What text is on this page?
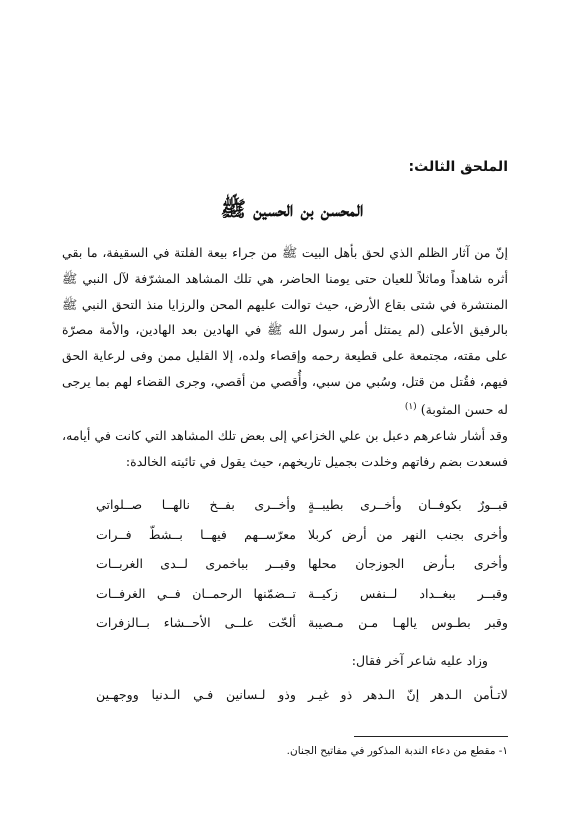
الملحق الثالث:
المحسن بن الحسين ﷺ

إنّ من آثار الظلم الذي لحق بأهل البيت ﷺ من جراء بيعة الفلتة في السقيفة، ما بقي أثره شاهداً وماثلاً للعيان حتى يومنا الحاضر، هي تلك المشاهد المشرّفة لآل النبي ﷺ المنتشرة في شتى بقاع الأرض، حيث توالت عليهم المحن والرزايا منذ التحق النبي ﷺ بالرفيق الأعلى (لم يمتثل أمر رسول الله ﷺ في الهادين بعد الهادين، والأمة مصرّة على مقته، مجتمعة على قطيعة رحمه وإقصاء ولده، إلا القليل ممن وفى لرعاية الحق فيهم، فقُتل من قتل، وسُبي من سبي، وأُقصي من أقصي، وجرى القضاء لهم بما يرجى له حسن المثوبة) $^{(١)}$

وقد أشار شاعرهم دعبل بن علي الخزاعي إلى بعض تلك المشاهد التي كانت في أيامه، فسعدت بضم رفاتهم وخلدت بجميل تاريخهم، حيث يقول في تائيته الخالدة:

قبــورٌ بكوفــان وأخــرى بطيبــةٍ
وأخــرى بفــخ نالهــا صــلواتي
وأخرى بجنب النهر من أرض كربلا
معرّســهم فيهــا بــشطّ فــرات
وأخرى بـأرض الجوزجان محلها
وقبــر بباخمرى لــدى الغربــات
وقبــر ببغــداد لــنفس زكيــة
تــضمّنها الرحمــان فــي الغرفــات
وقبر بطـوس يالهـا مـن مـصيبة
ألحّت علــى الأحــشاء بــالزفرات
وزاد عليه شاعر آخر فقال:
لاتـأمن الـدهر إنّ الـدهر ذو غيـر
وذو لـسانين فـي الـدنيا ووجهـين
١- مقطع من دعاء الندبة المذكور في مفاتيح الجنان.
